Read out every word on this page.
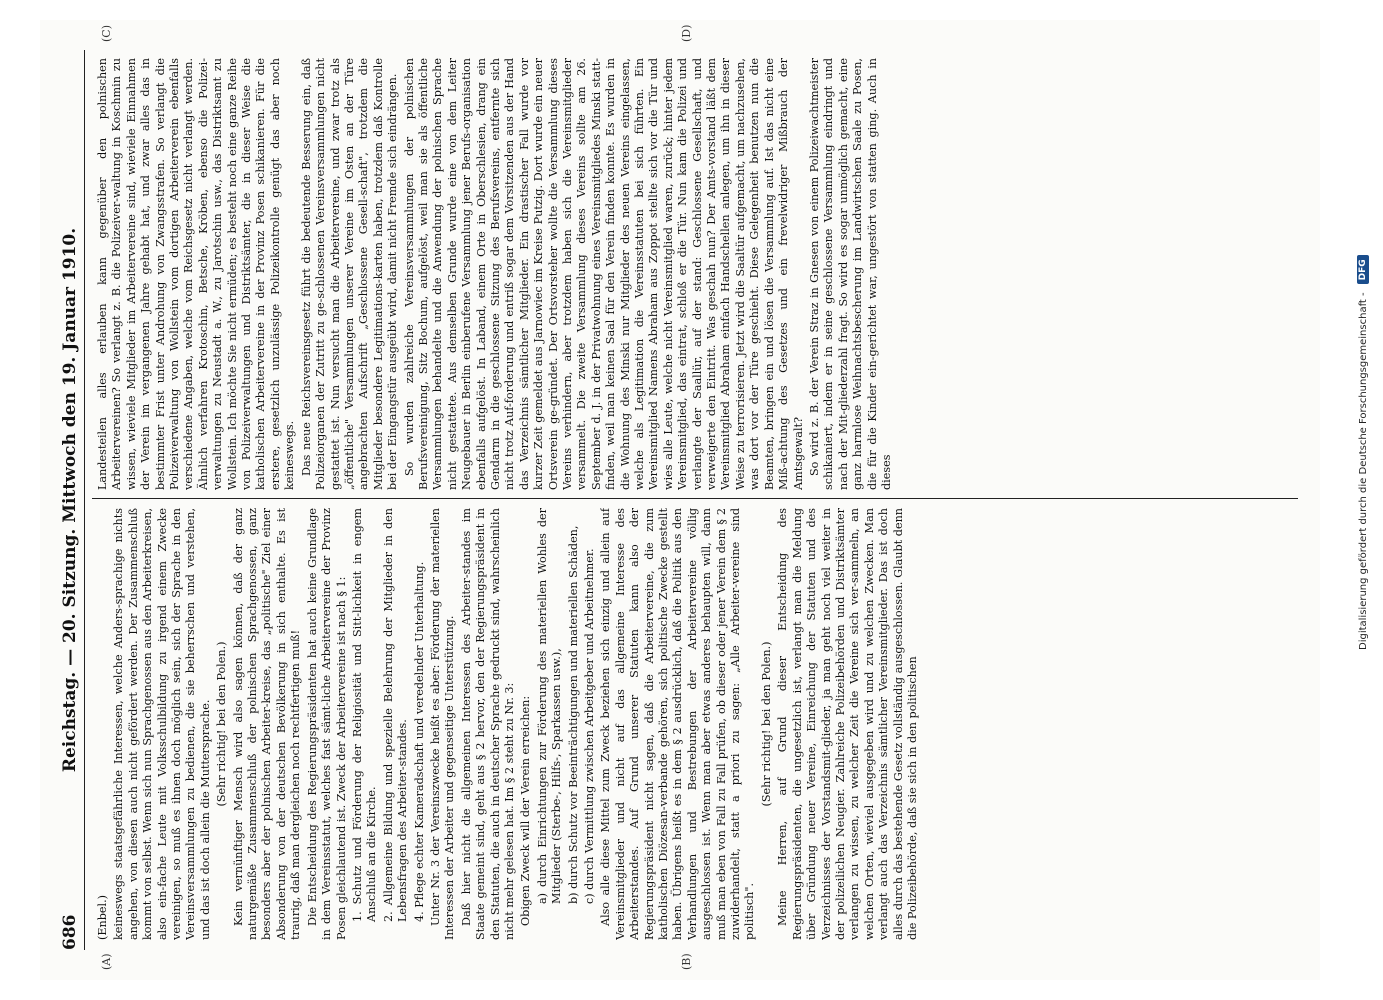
686
Reichstag. — 20. Sitzung. Mittwoch den 19. Januar 1910.
(A)	(B)
(C)	(D)

(Enbel.) keineswegs staatsgefährliche Interessen, welche Anders-sprachige nichts angehen, von diesen auch nicht gefördert werden. Der Zusammenschluß kommt von selbst. Wenn sich nun Sprachgenossen aus den Arbeiterkreisen, also ein-fache Leute mit Volksschulbildung zu irgend einem Zwecke vereinigen, so muß es ihnen doch möglich sein, sich der Sprache in den Vereinsversammlungen zu bedienen, die sie beherrschen und verstehen, und das ist doch allein die Muttersprache. (Sehr richtig! bei den Polen.) Kein vernünftiger Mensch wird also sagen können, daß der ganz naturgemäße Zusammenschluß der polnischen Sprachgenossen, ganz besonders aber der polnischen Arbeiter-kreise, das „politische" Ziel einer Absonderung von der deutschen Bevölkerung in sich enthalte. Es ist traurig, daß man dergleichen noch rechtfertigen muß! Die Entscheidung des Regierungspräsidenten hat auch keine Grundlage in dem Vereinsstatut, welches fast sämt-liche Arbeitervereine der Provinz Posen gleichlautend ist. Zweck der Arbeitervereine ist nach § 1: 1. Schutz und Förderung der Religiosität und Sitt-lichkeit in engem Anschluß an die Kirche. 2. Allgemeine Bildung und spezielle Belehrung der Mitglieder in den Lebensfragen des Arbeiter-standes. 4. Pflege echter Kameradschaft und veredelnder Unterhaltung. Unter Nr. 3 der Vereinszwecke heißt es aber: Förderung der materiellen Interessen der Arbeiter und gegenseitige Unterstützung. Daß hier nicht die allgemeinen Interessen des Arbeiter-standes im Staate gemeint sind, geht aus § 2 hervor, den der Regierungspräsident in den Statuten, die auch in deutscher Sprache gedruckt sind, wahrscheinlich nicht mehr gelesen hat. Im § 2 steht zu Nr. 3: Obigen Zweck will der Verein erreichen: a) durch Einrichtungen zur Förderung des materiellen Wohles der Mitglieder (Sterbe-, Hilfs-, Sparkassen usw.), b) durch Schutz vor Beeinträchtigungen und materiellen Schäden, c) durch Vermittlung zwischen Arbeitgeber und Arbeitnehmer. Also alle diese Mittel zum Zweck beziehen sich einzig und allein auf Vereinsmitglieder und nicht auf das allgemeine Interesse des Arbeiterstandes. Auf Grund unserer Statuten kann also der Regierungspräsident nicht sagen, daß die Arbeitervereine, die zum katholischen Diözesan-verbande gehören, sich politische Zwecke gestellt haben. Übrigens heißt es in dem § 2 ausdrücklich, daß die Politik aus den Verhandlungen und Bestrebungen der Arbeitervereine völlig ausgeschlossen ist. Wenn man aber etwas anderes behaupten will, dann muß man eben von Fall zu Fall prüfen, ob dieser oder jener Verein dem § 2 zuwiderhandelt, statt a priori zu sagen: „Alle Arbeiter-vereine sind politisch".

(Sehr richtig! bei den Polen.) Meine Herren, auf Grund dieser Entscheidung des Regierungspräsidenten, die ungesetzlich ist, verlangt man die Meldung über Gründung neuer Vereine, Einreichung der Statuten und des Verzeichnisses der Vorstandsmit-glieder, ja man geht noch viel weiter in der polizeilichen Neugier. Zahlreiche Polizeibehörden und Distriktsämter verlangen zu wissen, zu welcher Zeit die Vereine sich ver-sammeln, an welchen Orten, wieviel ausgegeben wird und zu welchen Zwecken. Man verlangt auch das Verzeichnis sämtlicher Vereinsmitglieder. Das ist doch alles durch das bestehende Gesetz vollständig ausgeschlossen. Glaubt denn die Polizeibehörde, daß sie sich in den politischen

Landesteilen alles erlauben kann gegenüber den polnischen Arbeitervereinen? So verlangt z. B. die Polizeiver-waltung in Koschmin zu wissen, wieviele Mitglieder im Arbeitervereine sind, wieviele Einnahmen der Verein im vergangenen Jahre gehabt hat, und zwar alles das in bestimmter Frist unter Androhung von Zwangsstrafen. So verlangt die Polizeiverwaltung von Wollstein vom dortigen Arbeiterverein ebenfalls verschiedene Angaben, welche vom Reichsgesetz nicht verlangt werden. Ähnlich verfahren Krotoschin, Betsche, Kröben, ebenso die Polizei-verwaltungen zu Neustadt a. W., zu Jarotschin usw., das Distriktsamt zu Wollstein. Ich möchte Sie nicht ermüden; es besteht noch eine ganze Reihe von Polizeiverwaltungen und Distriktsämter, die in dieser Weise die katholischen Arbeitervereine in der Provinz Posen schikanieren. Für die erstere, gesetzlich unzulässige Polizeikontrolle genügt das aber noch keineswegs. Das neue Reichsvereinsgesetz führt die bedeutende Besserung ein, daß Polizeiorganen der Zutritt zu ge-schlossenen Vereinsversammlungen nicht gestattet ist. Nun versucht man die Arbeitervereine, und zwar trotz als „öffentliche" Versammlungen unserer Vereine im Osten an der Türe angebrachten Aufschrift „Geschlossene Gesell-schaft", trotzdem die Mitglieder besondere Legitimations-karten haben, trotzdem daß Kontrolle bei der Eingangstür ausgeübt wird, damit nicht Fremde sich eindrängen. So wurden zahlreiche Vereinsversammlungen der polnischen Berufsvereinigung, Sitz Bochum, aufgelöst, weil man sie als öffentliche Versammlungen behandelte und die Anwendung der polnischen Sprache nicht gestattete. Aus demselben Grunde wurde eine von dem Leiter Neugebauer in Berlin einberufene Versammlung jener Berufs-organisation ebenfalls aufgelöst. In Laband, einem Orte in Oberschlesien, drang ein Gendarm in die geschlossene Sitzung des Berufsvereins, entfernte sich nicht trotz Auf-forderung und entriß sogar dem Vorsitzenden aus der Hand das Verzeichnis sämtlicher Mitglieder. Ein drastischer Fall wurde vor kurzer Zeit gemeldet aus Jarnowiec im Kreise Putzig. Dort wurde ein neuer Ortsverein ge-gründet. Der Ortsvorsteher wollte die Versammlung dieses Vereins verhindern, aber trotzdem haben sich die Vereinsmitglieder versammelt. Die zweite Versammlung dieses Vereins sollte am 26. September d. J. in der Privatwohnung eines Vereinsmitgliedes Minski statt-finden, weil man keinen Saal für den Verein finden konnte. Es wurden in die Wohnung des Minski nur Mitglieder des neuen Vereins eingelassen, welche als Legitimation die Vereinsstatuten bei sich führten. Ein Vereinsmitglied Namens Abraham aus Zoppot stellte sich vor die Tür und wies alle Leute, welche nicht Vereinsmitglied waren, zurück; hinter jedem Vereinsmitglied, das eintrat, schloß er die Tür. Nun kam die Polizei und verlangte der Saallür, auf der stand: Geschlossene Gesellschaft, und verweigerte den Eintritt. Was geschah nun? Der Amts-vorstand läßt dem Vereinsmitglied Abraham einfach Handschellen anlegen, um ihn in dieser Weise zu terrorisieren. Jetzt wird die Saaltür aufgemacht, um nachzusehen, was dort vor der Türe geschieht. Diese Gelegenheit benutzen nun die Beamten, bringen ein und lösen die Versammlung auf. Ist das nicht eine Miß-achtung des Gesetzes und ein frevelwidriger Mißbrauch der Amtsgewalt? So wird z. B. der Verein Straz in Gnesen von einem Polizeiwachtmeister schikaniert, indem er in seine geschlossene Versammlung eindringt und nach der Mit-gliederzahl fragt. So wird es sogar unmöglich gemacht, eine ganz harmlose Weihnachtsbescherung im Landwirtschen Saale zu Posen, die für die Kinder ein-gerichtet war, ungestört von statten ging. Auch in dieses	Digitalisierung gefördert durch die Deutsche Forschungsgemeinschaft -
DFG
